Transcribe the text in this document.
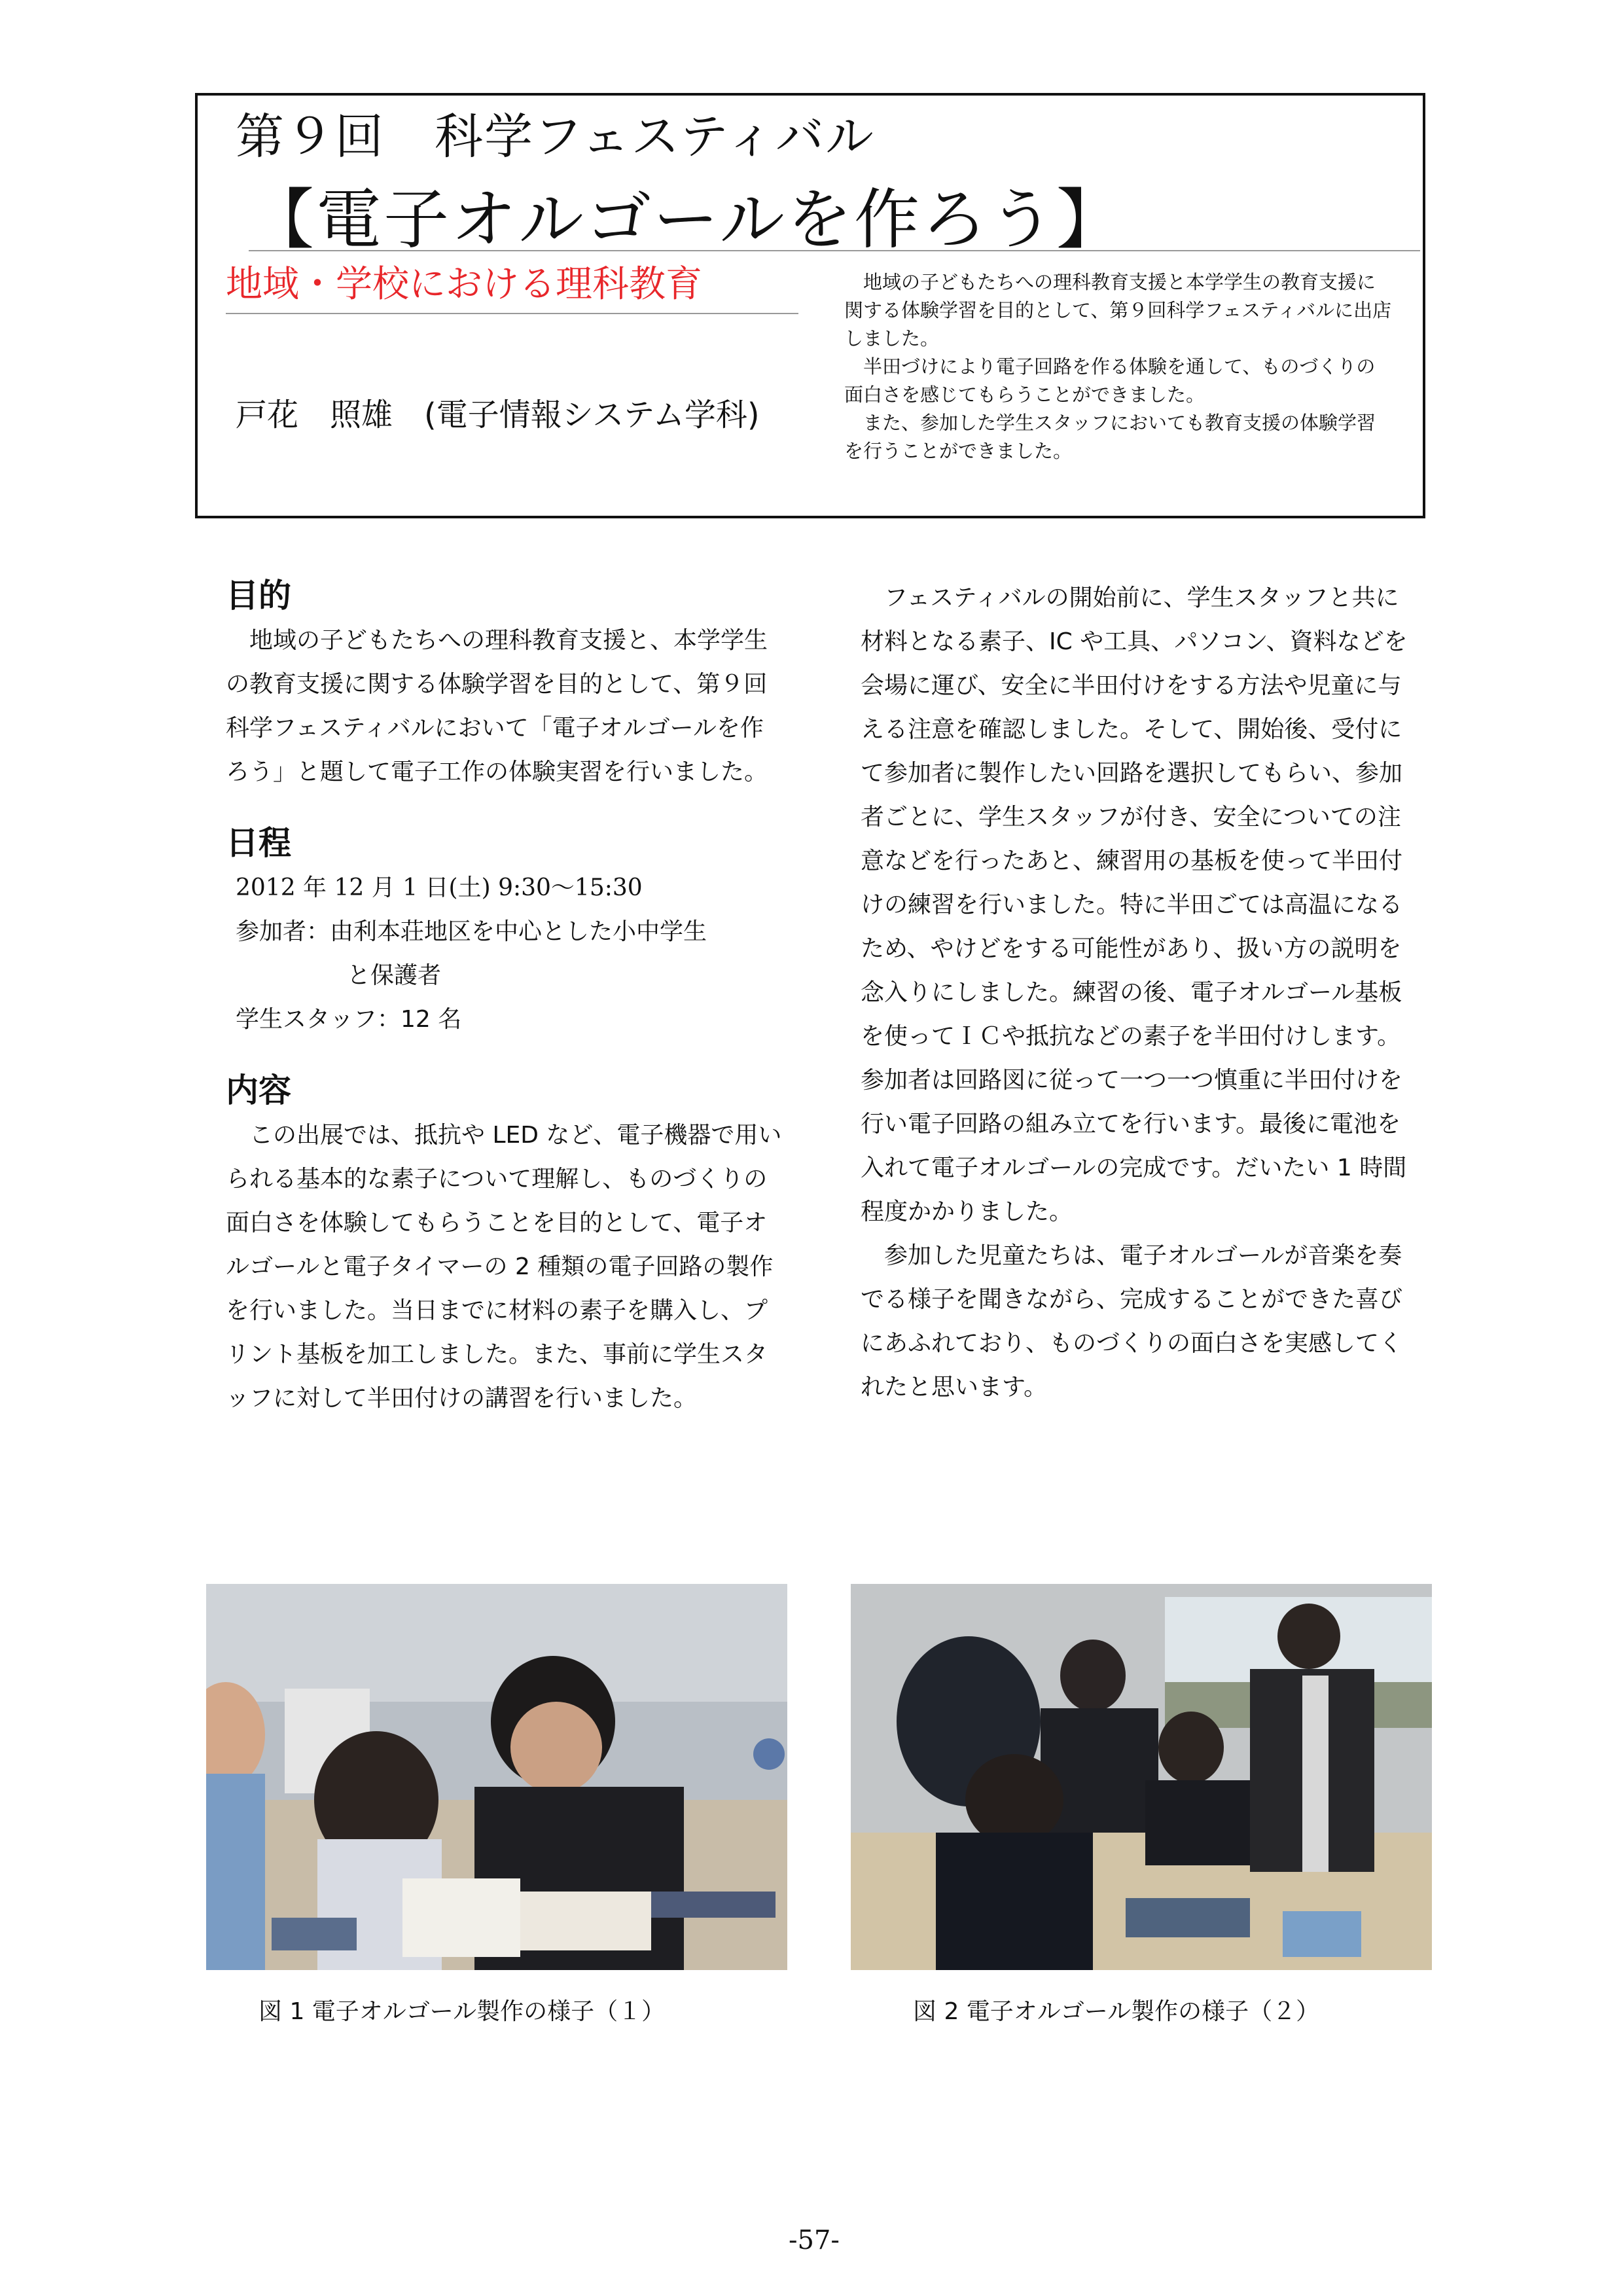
第９回　科学フェスティバル
【電子オルゴールを作ろう】
地域・学校における理科教育
戸花　照雄　(電子情報システム学科)

地域の子どもたちへの理科教育支援と本学学生の教育支援に関する体験学習を目的として、第９回科学フェスティバルに出店しました。

半田づけにより電子回路を作る体験を通して、ものづくりの面白さを感じてもらうことができました。

また、参加した学生スタッフにおいても教育支援の体験学習を行うことができました。

目的

地域の子どもたちへの理科教育支援と、本学学生の教育支援に関する体験学習を目的として、第９回科学フェスティバルにおいて「電子オルゴールを作ろう」と題して電子工作の体験実習を行いました。

日程
2012 年 12 月 1 日(土) 9:30～15:30
参加者：由利本荘地区を中心とした小中学生
と保護者
学生スタッフ：12 名
内容

この出展では、抵抗や LED など、電子機器で用いられる基本的な素子について理解し、ものづくりの面白さを体験してもらうことを目的として、電子オルゴールと電子タイマーの 2 種類の電子回路の製作を行いました。当日までに材料の素子を購入し、プリント基板を加工しました。また、事前に学生スタッフに対して半田付けの講習を行いました。

フェスティバルの開始前に、学生スタッフと共に材料となる素子、IC や工具、パソコン、資料などを会場に運び、安全に半田付けをする方法や児童に与える注意を確認しました。そして、開始後、受付にて参加者に製作したい回路を選択してもらい、参加者ごとに、学生スタッフが付き、安全についての注意などを行ったあと、練習用の基板を使って半田付けの練習を行いました。特に半田ごては高温になるため、やけどをする可能性があり、扱い方の説明を念入りにしました。練習の後、電子オルゴール基板を使ってＩＣや抵抗などの素子を半田付けします。参加者は回路図に従って一つ一つ慎重に半田付けを行い電子回路の組み立てを行います。最後に電池を入れて電子オルゴールの完成です。だいたい 1 時間程度かかりました。

参加した児童たちは、電子オルゴールが音楽を奏でる様子を聞きながら、完成することができた喜びにあふれており、ものづくりの面白さを実感してくれたと思います。

図 1 電子オルゴール製作の様子（１）	図 2 電子オルゴール製作の様子（２）
-57-
